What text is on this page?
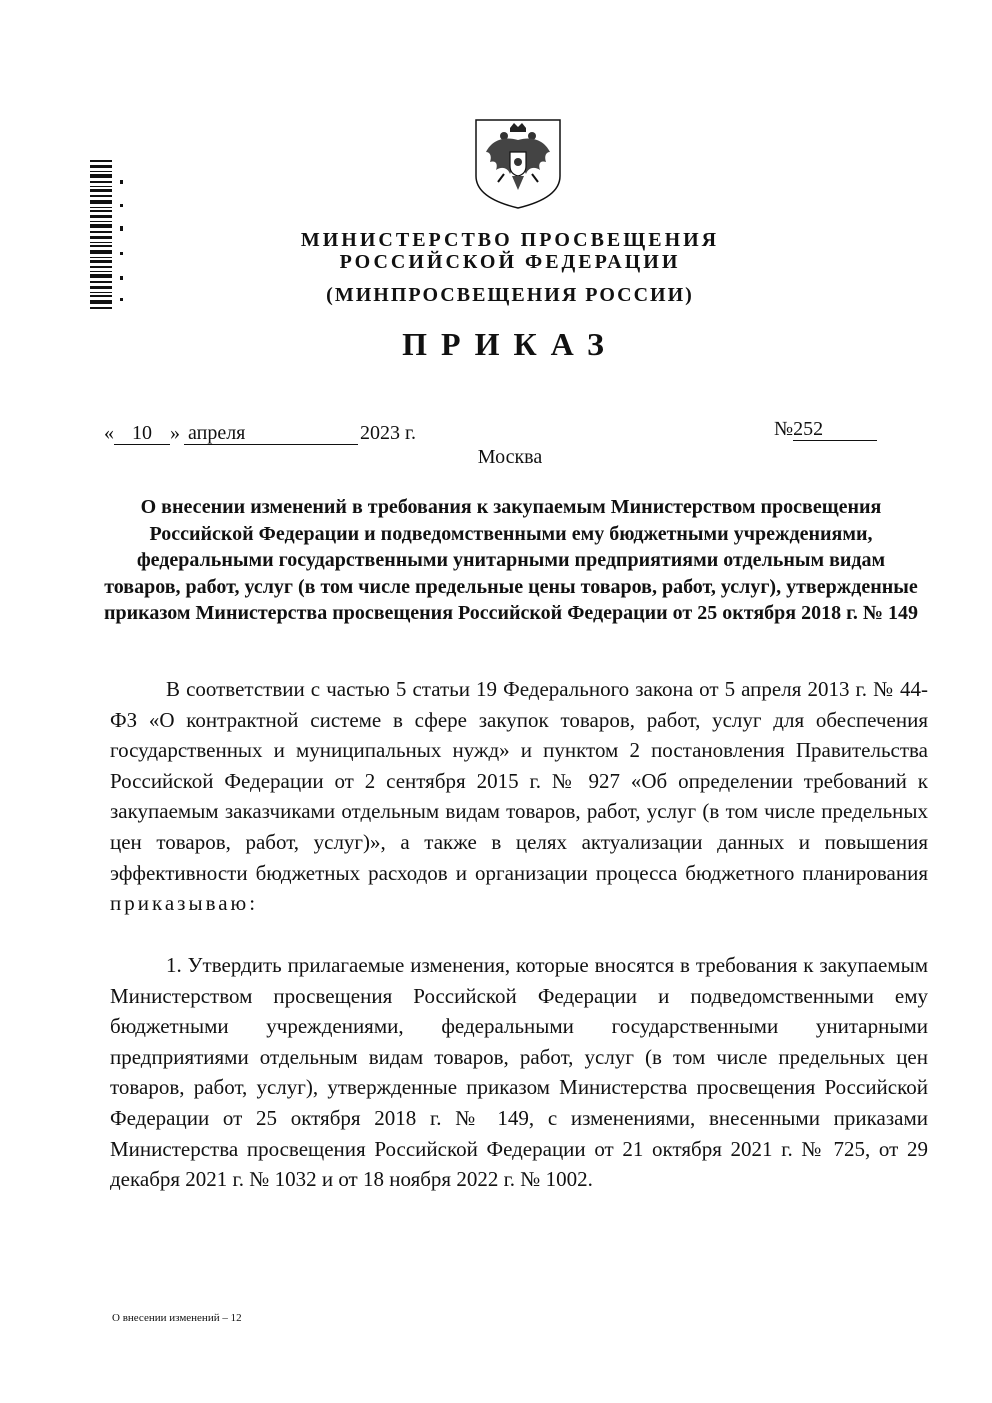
МИНИСТЕРСТВО ПРОСВЕЩЕНИЯ
РОССИЙСКОЙ ФЕДЕРАЦИИ
(МИНПРОСВЕЩЕНИЯ РОССИИ)
ПРИКАЗ
« 10 » апреля	2023 г.	№ 252
Москва
О внесении изменений в требования к закупаемым Министерством просвещения Российской Федерации и подведомственными ему бюджетными учреждениями, федеральными государственными унитарными предприятиями отдельным видам товаров, работ, услуг (в том числе предельные цены товаров, работ, услуг), утвержденные приказом Министерства просвещения Российской Федерации от 25 октября 2018 г. № 149
В соответствии с частью 5 статьи 19 Федерального закона от 5 апреля 2013 г. № 44-ФЗ «О контрактной системе в сфере закупок товаров, работ, услуг для обеспечения государственных и муниципальных нужд» и пунктом 2 постановления Правительства Российской Федерации от 2 сентября 2015 г. № 927 «Об определении требований к закупаемым заказчиками отдельным видам товаров, работ, услуг (в том числе предельных цен товаров, работ, услуг)», а также в целях актуализации данных и повышения эффективности бюджетных расходов и организации процесса бюджетного планирования приказываю:
1. Утвердить прилагаемые изменения, которые вносятся в требования к закупаемым Министерством просвещения Российской Федерации и подведомственными ему бюджетными учреждениями, федеральными государственными унитарными предприятиями отдельным видам товаров, работ, услуг (в том числе предельных цен товаров, работ, услуг), утвержденные приказом Министерства просвещения Российской Федерации от 25 октября 2018 г. № 149, с изменениями, внесенными приказами Министерства просвещения Российской Федерации от 21 октября 2021 г. № 725, от 29 декабря 2021 г. № 1032 и от 18 ноября 2022 г. № 1002.
О внесении изменений – 12
